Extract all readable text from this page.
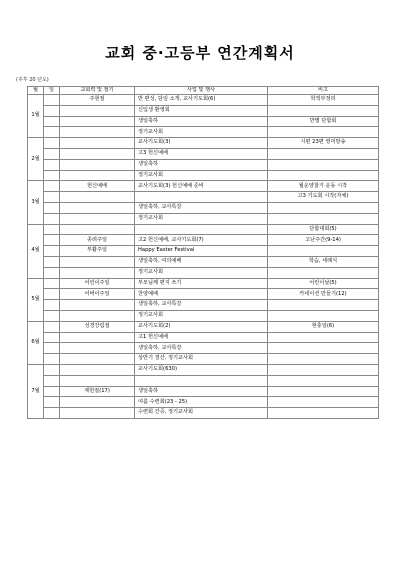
교회 중·고등부 연간계획서
(주후 20 년도)
월	일	교회력 및 절기	사업 및 행사	비고
1월		주현절	반 편성, 담임 소개, 교사기도회(6)	학적부정리
			신입생 환영회	
			생일축하	반별 단합회
			정기교사회	
2월			교사기도회(3)	시편 23편 영미방송
			고3 헌신예배	
			생일축하	
			정기교사회	
3월		헌신예배	교사기도회(3) 헌신예배 준비	월운양찰기 운동 시작
				고3 기도회 시작(자체)
			생일축하, 교사특강	
			정기교사회	
4월				단합대회(5)
		종려주일	고2 헌신예배, 교사기도회(7)	고난주간(9-14)
		부활주일	Happy Easter Festival	
			생일축하, 여의예배	학습, 세례식
			정기교사회	
5월		어린이주일	부모님께 편지 쓰기	어린이날(5)
		어버이주일	찬양예배	카네이션 만들기(12)
			생일축하, 교사특강	
			정기교사회	
6월		성경강림절	교사기도회(2)	현충일(6)
			고1 헌신예배	
			생일축하, 교사특강	
			상반기 결산, 정기교사회	
7월			교사기도회(630)	

		제헌절(17)	생일축하	
			여름 수련회(23 - 25)	
			수련회 간증, 정기교사회	
